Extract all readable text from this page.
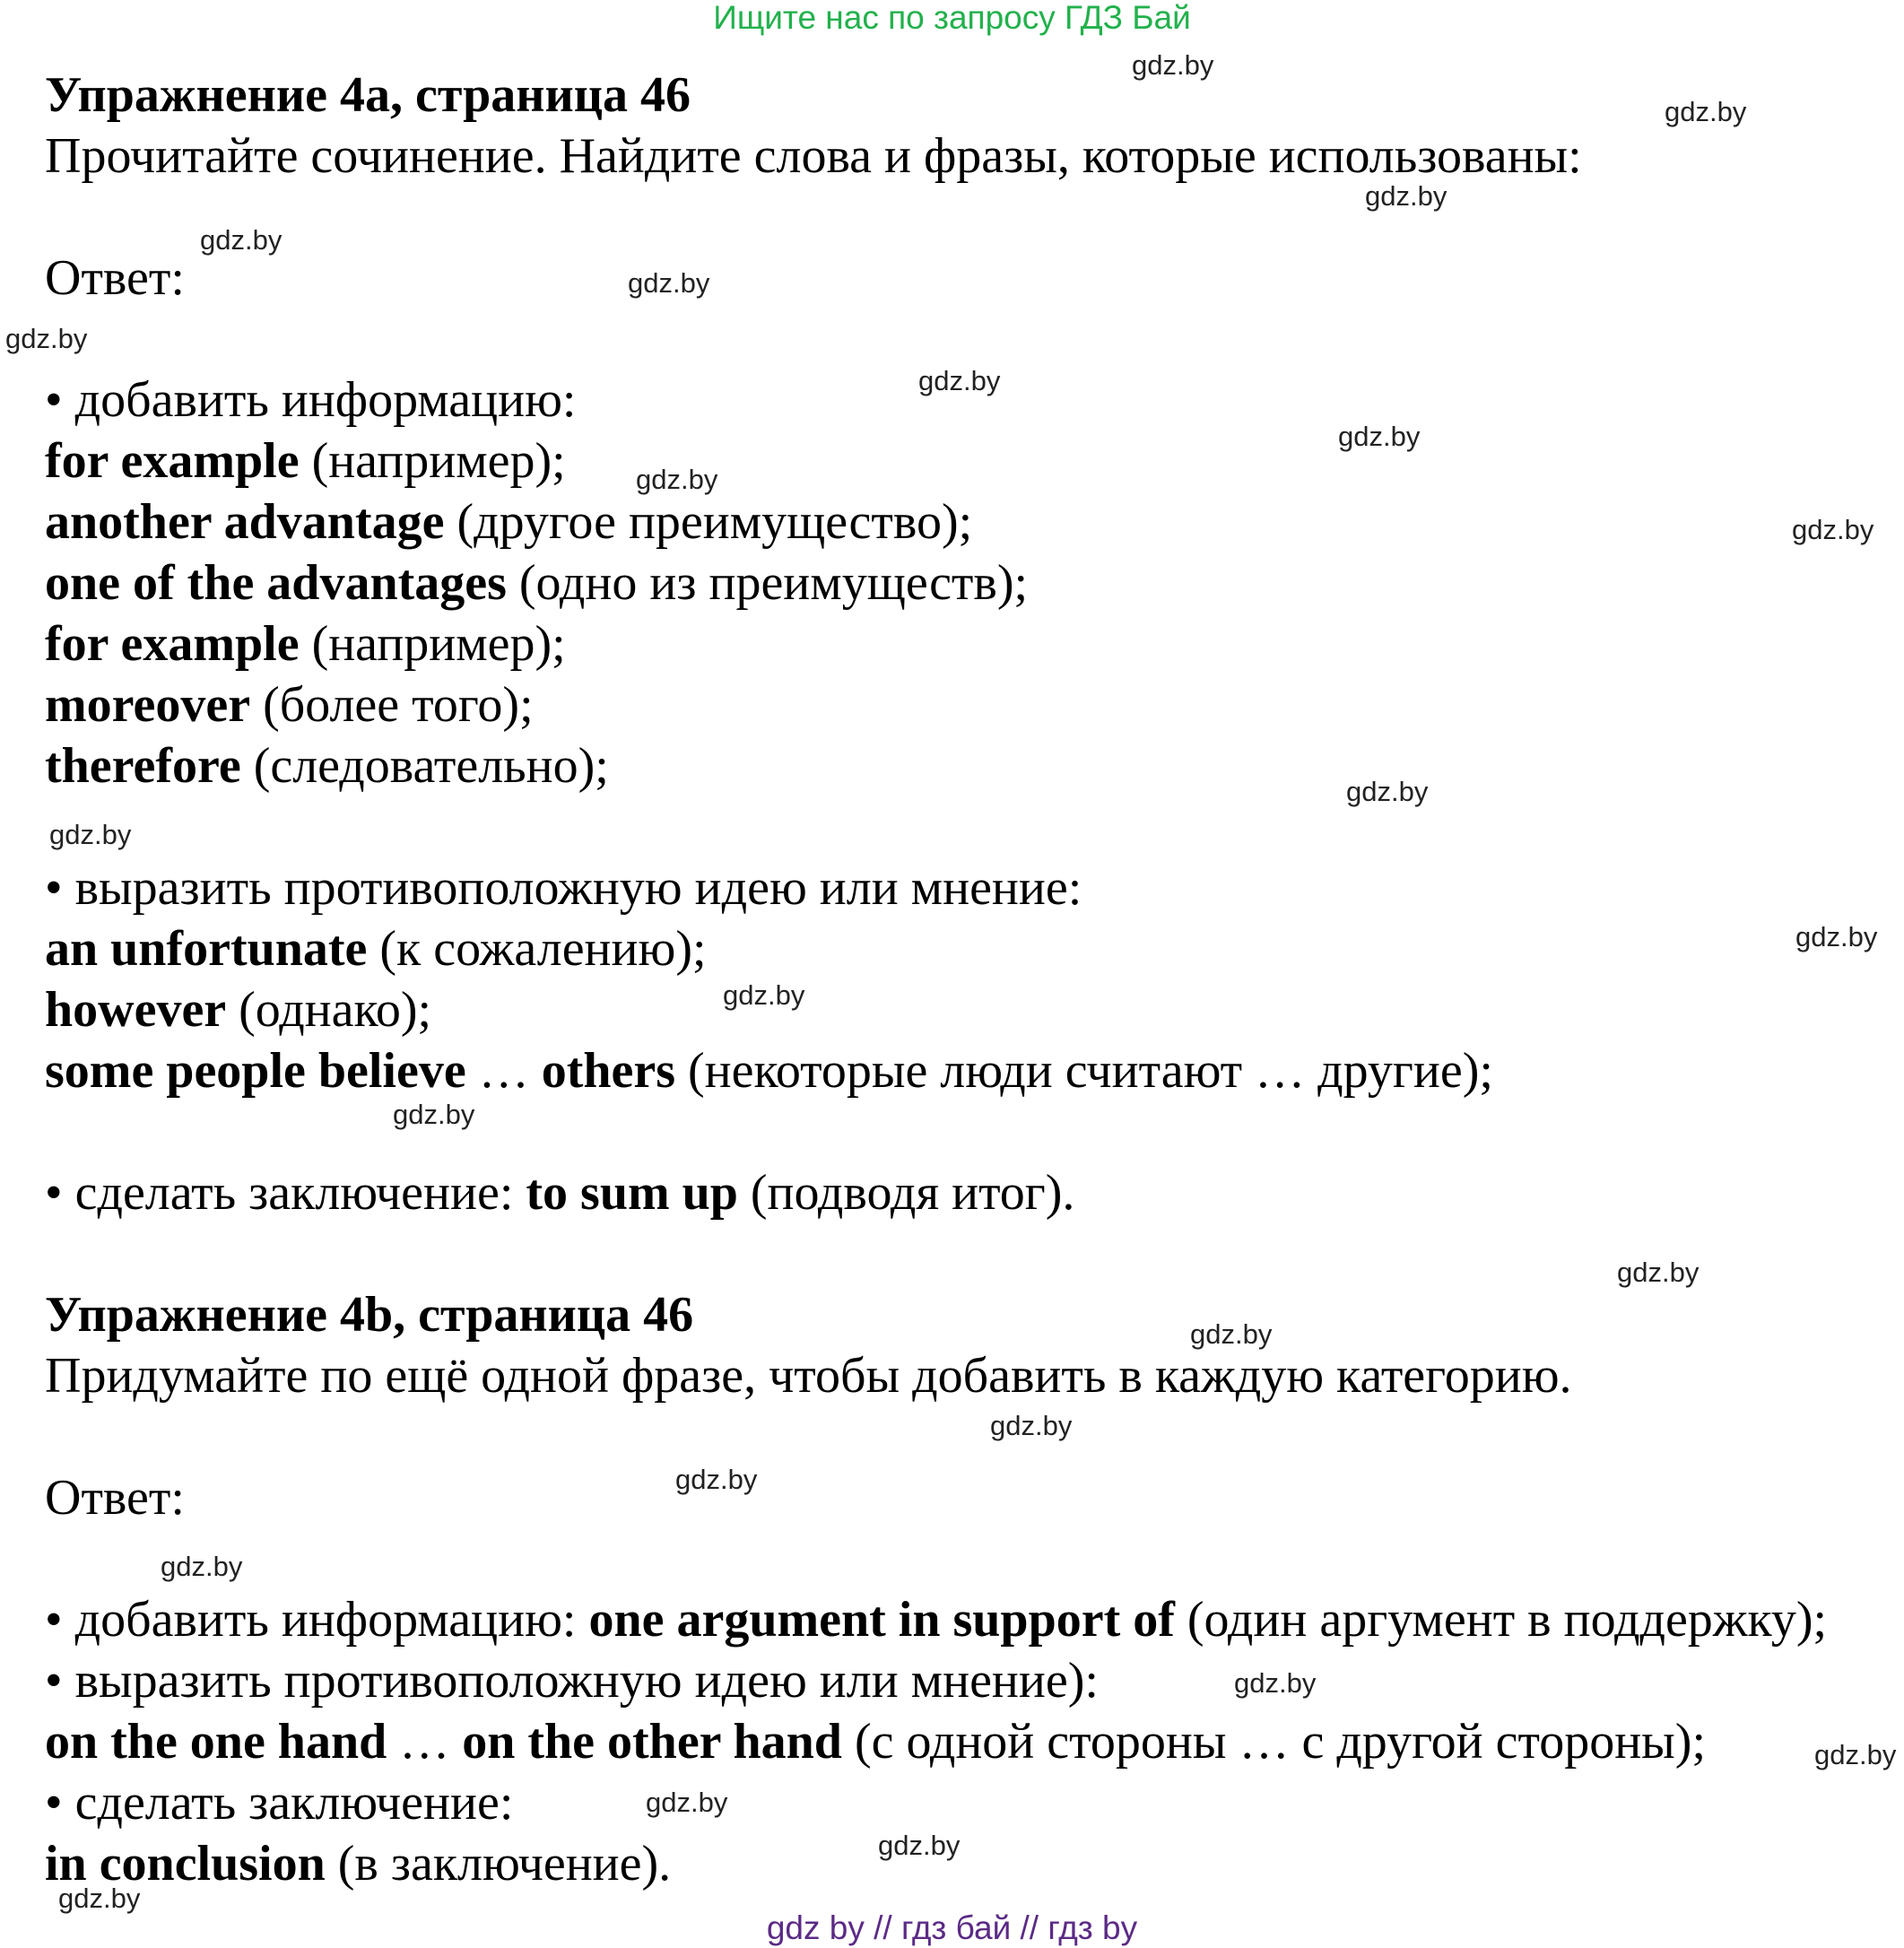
Ищите нас по запросу ГДЗ Бай
Упражнение 4а, страница 46
Прочитайте сочинение. Найдите слова и фразы, которые использованы:
Ответ:
• добавить информацию:
for example (например);
another advantage (другое преимущество);
one of the advantages (одно из преимуществ);
for example (например);
moreover (более того);
therefore (следовательно);
• выразить противоположную идею или мнение:
an unfortunate (к сожалению);
however (однако);
some people believe … others (некоторые люди считают … другие);
• сделать заключение: to sum up (подводя итог).
Упражнение 4b, страница 46
Придумайте по ещё одной фразе, чтобы добавить в каждую категорию.
Ответ:
• добавить информацию: one argument in support of (один аргумент в поддержку);
• выразить противоположную идею или мнение):
on the one hand … on the other hand (с одной стороны … с другой стороны);
• сделать заключение:
in conclusion (в заключение).
gdz.by
gdz.by
gdz.by
gdz.by
gdz.by
gdz.by
gdz.by
gdz.by
gdz.by
gdz.by
gdz.by
gdz.by
gdz.by
gdz.by
gdz.by
gdz.by
gdz.by
gdz.by
gdz.by
gdz.by
gdz.by
gdz.by
gdz.by
gdz.by
gdz.by
gdz by // гдз бай // гдз by
